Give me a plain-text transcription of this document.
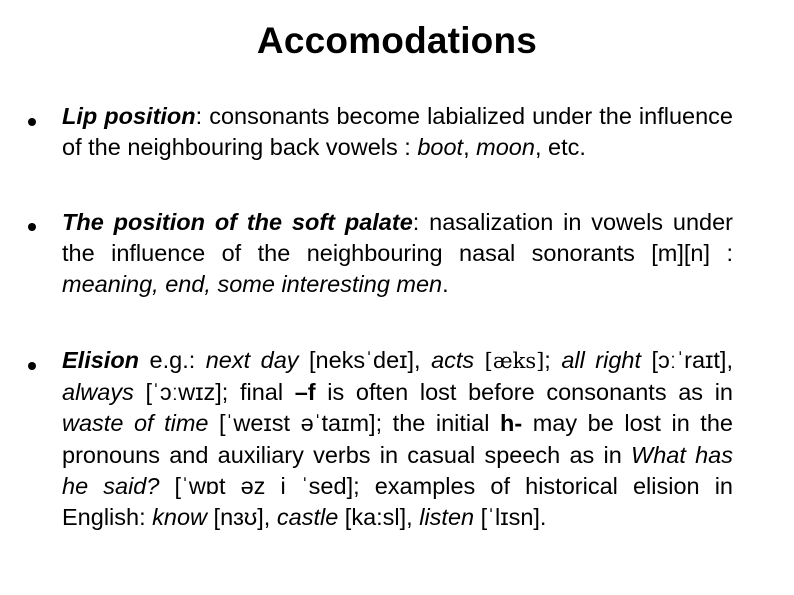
Accomodations
Lip position: consonants become labialized under the influence of the neighbouring back vowels : boot, moon, etc.
The position of the soft palate: nasalization in vowels under the influence of the neighbouring nasal sonorants [m][n] : meaning, end, some interesting men.
Elision e.g.: next day [neksˈdeɪ], acts [æks]; all right [ɔːˈraɪt], always [ˈɔːwɪz]; final –f is often lost before consonants as in waste of time [ˈweɪst əˈtaɪm]; the initial h- may be lost in the pronouns and auxiliary verbs in casual speech as in What has he said? [ˈwɒt əz i ˈsed]; examples of historical elision in English: know [nɜʊ], castle [ka:sl], listen [ˈlɪsn].
